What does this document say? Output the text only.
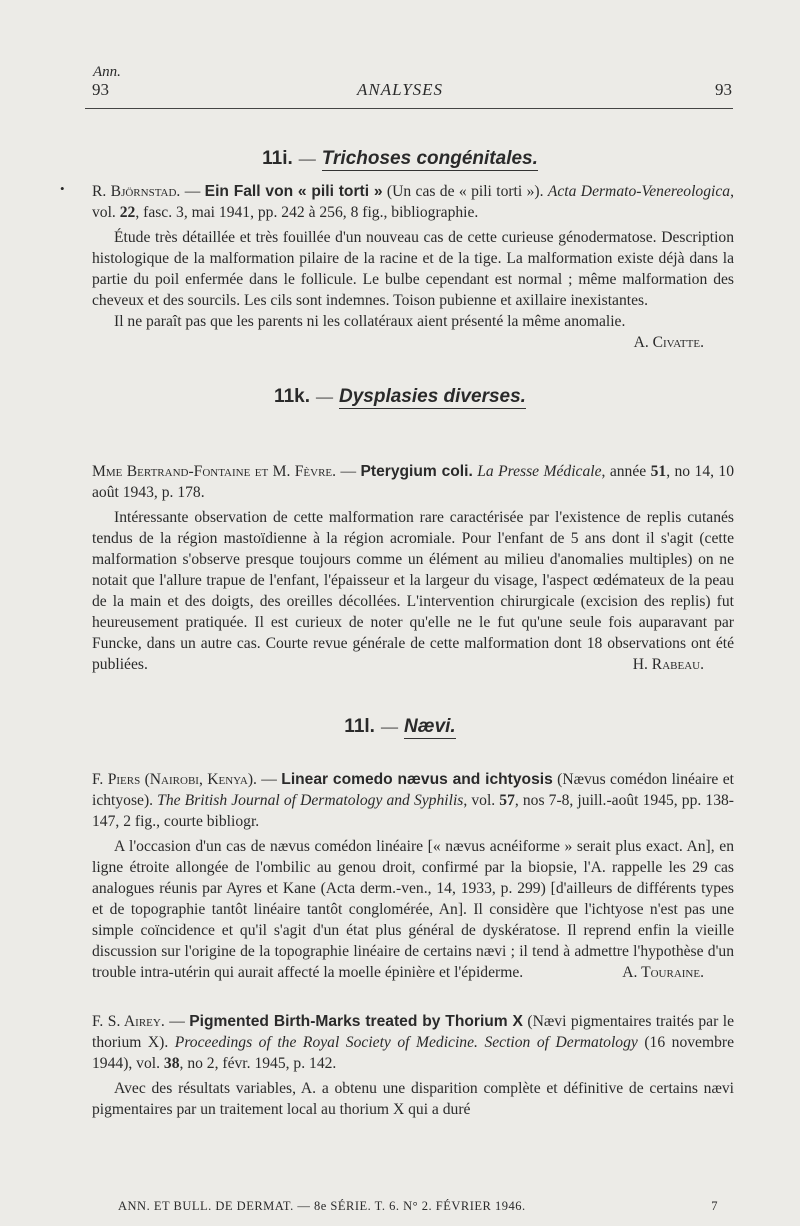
Ann.
93	ANALYSES	93
•
11i. — Trichoses congénitales.

R. Björnstad. — Ein Fall von « pili torti » (Un cas de « pili torti »). Acta Dermato-Venereologica, vol. 22, fasc. 3, mai 1941, pp. 242 à 256, 8 fig., bibliographie.

Étude très détaillée et très fouillée d'un nouveau cas de cette curieuse génodermatose. Description histologique de la malformation pilaire de la racine et de la tige. La malformation existe déjà dans la partie du poil enfermée dans le follicule. Le bulbe cependant est normal ; même malformation des cheveux et des sourcils. Les cils sont indemnes. Toison pubienne et axillaire inexistantes.

Il ne paraît pas que les parents ni les collatéraux aient présenté la même anomalie.
A. Civatte.

11k. — Dysplasies diverses.

Mme Bertrand-Fontaine et M. Fèvre. — Pterygium coli. La Presse Médicale, année 51, no 14, 10 août 1943, p. 178.

Intéressante observation de cette malformation rare caractérisée par l'existence de replis cutanés tendus de la région mastoïdienne à la région acromiale. Pour l'enfant de 5 ans dont il s'agit (cette malformation s'observe presque toujours comme un élément au milieu d'anomalies multiples) on ne notait que l'allure trapue de l'enfant, l'épaisseur et la largeur du visage, l'aspect œdémateux de la peau de la main et des doigts, des oreilles décollées. L'intervention chirurgicale (excision des replis) fut heureusement pratiquée. Il est curieux de noter qu'elle ne le fut qu'une seule fois auparavant par Funcke, dans un autre cas. Courte revue générale de cette malformation dont 18 observations ont été publiées.	H. Rabeau.

11l. — Nævi.

F. Piers (Nairobi, Kenya). — Linear comedo nævus and ichtyosis (Nævus comédon linéaire et ichtyose). The British Journal of Dermatology and Syphilis, vol. 57, nos 7-8, juill.-août 1945, pp. 138-147, 2 fig., courte bibliogr.

A l'occasion d'un cas de nævus comédon linéaire [« nævus acnéiforme » serait plus exact. An], en ligne étroite allongée de l'ombilic au genou droit, confirmé par la biopsie, l'A. rappelle les 29 cas analogues réunis par Ayres et Kane (Acta derm.-ven., 14, 1933, p. 299) [d'ailleurs de différents types et de topographie tantôt linéaire tantôt conglomérée, An]. Il considère que l'ichtyose n'est pas une simple coïncidence et qu'il s'agit d'un état plus général de dyskératose. Il reprend enfin la vieille discussion sur l'origine de la topographie linéaire de certains nævi ; il tend à admettre l'hypothèse d'un trouble intra-utérin qui aurait affecté la moelle épinière et l'épiderme.	A. Touraine.

F. S. Airey. — Pigmented Birth-Marks treated by Thorium X (Nævi pigmentaires traités par le thorium X). Proceedings of the Royal Society of Medicine. Section of Dermatology (16 novembre 1944), vol. 38, no 2, févr. 1945, p. 142.

Avec des résultats variables, A. a obtenu une disparition complète et définitive de certains nævi pigmentaires par un traitement local au thorium X qui a duré

ANN. ET BULL. DE DERMAT. — 8e SÉRIE. T. 6. N° 2. FÉVRIER 1946.	7
